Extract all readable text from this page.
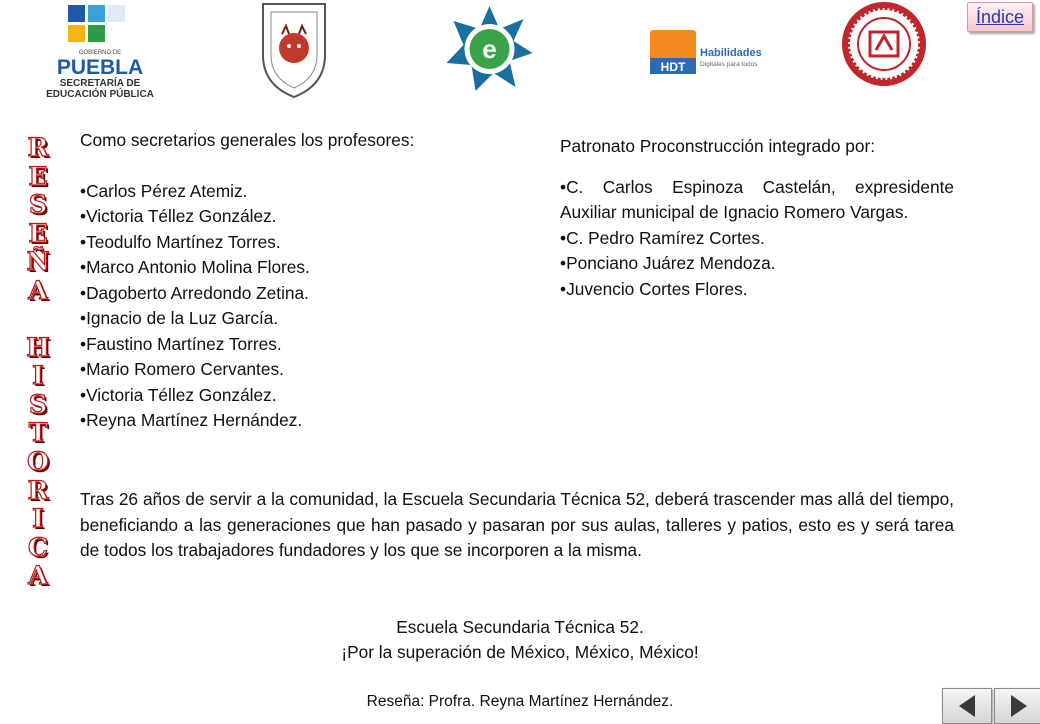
GOBIERNO DE
PUEBLA
SECRETARÍA DE
EDUCACIÓN PÚBLICA
e
HDT
Habilidades
Digitales para todos
Índice
R
E
S
E
Ñ
A
H
I
S
T
O
R
I
C
A

Como secretarios generales los profesores:

• Carlos Pérez Atemiz.
• Victoria Téllez González.
• Teodulfo Martínez Torres.
• Marco Antonio Molina Flores.
• Dagoberto Arredondo Zetina.
• Ignacio de la Luz García.
• Faustino Martínez Torres.
• Mario Romero Cervantes.
• Victoria Téllez González.
• Reyna Martínez Hernández.

Patronato Proconstrucción integrado por:

• C. Carlos Espinoza Castelán, expresidente Auxiliar municipal de Ignacio Romero Vargas.
• C. Pedro Ramírez Cortes.
• Ponciano Juárez Mendoza.
• Juvencio Cortes Flores.

Tras 26 años de servir a la comunidad, la Escuela Secundaria Técnica 52, deberá trascender mas allá del tiempo, beneficiando a las generaciones que han pasado y pasaran por sus aulas, talleres y patios, esto es y será tarea de todos los trabajadores fundadores y los que se incorporen a la misma.

Escuela Secundaria Técnica 52.
¡Por la superación de México, México, México!
Reseña: Profra. Reyna Martínez Hernández.
